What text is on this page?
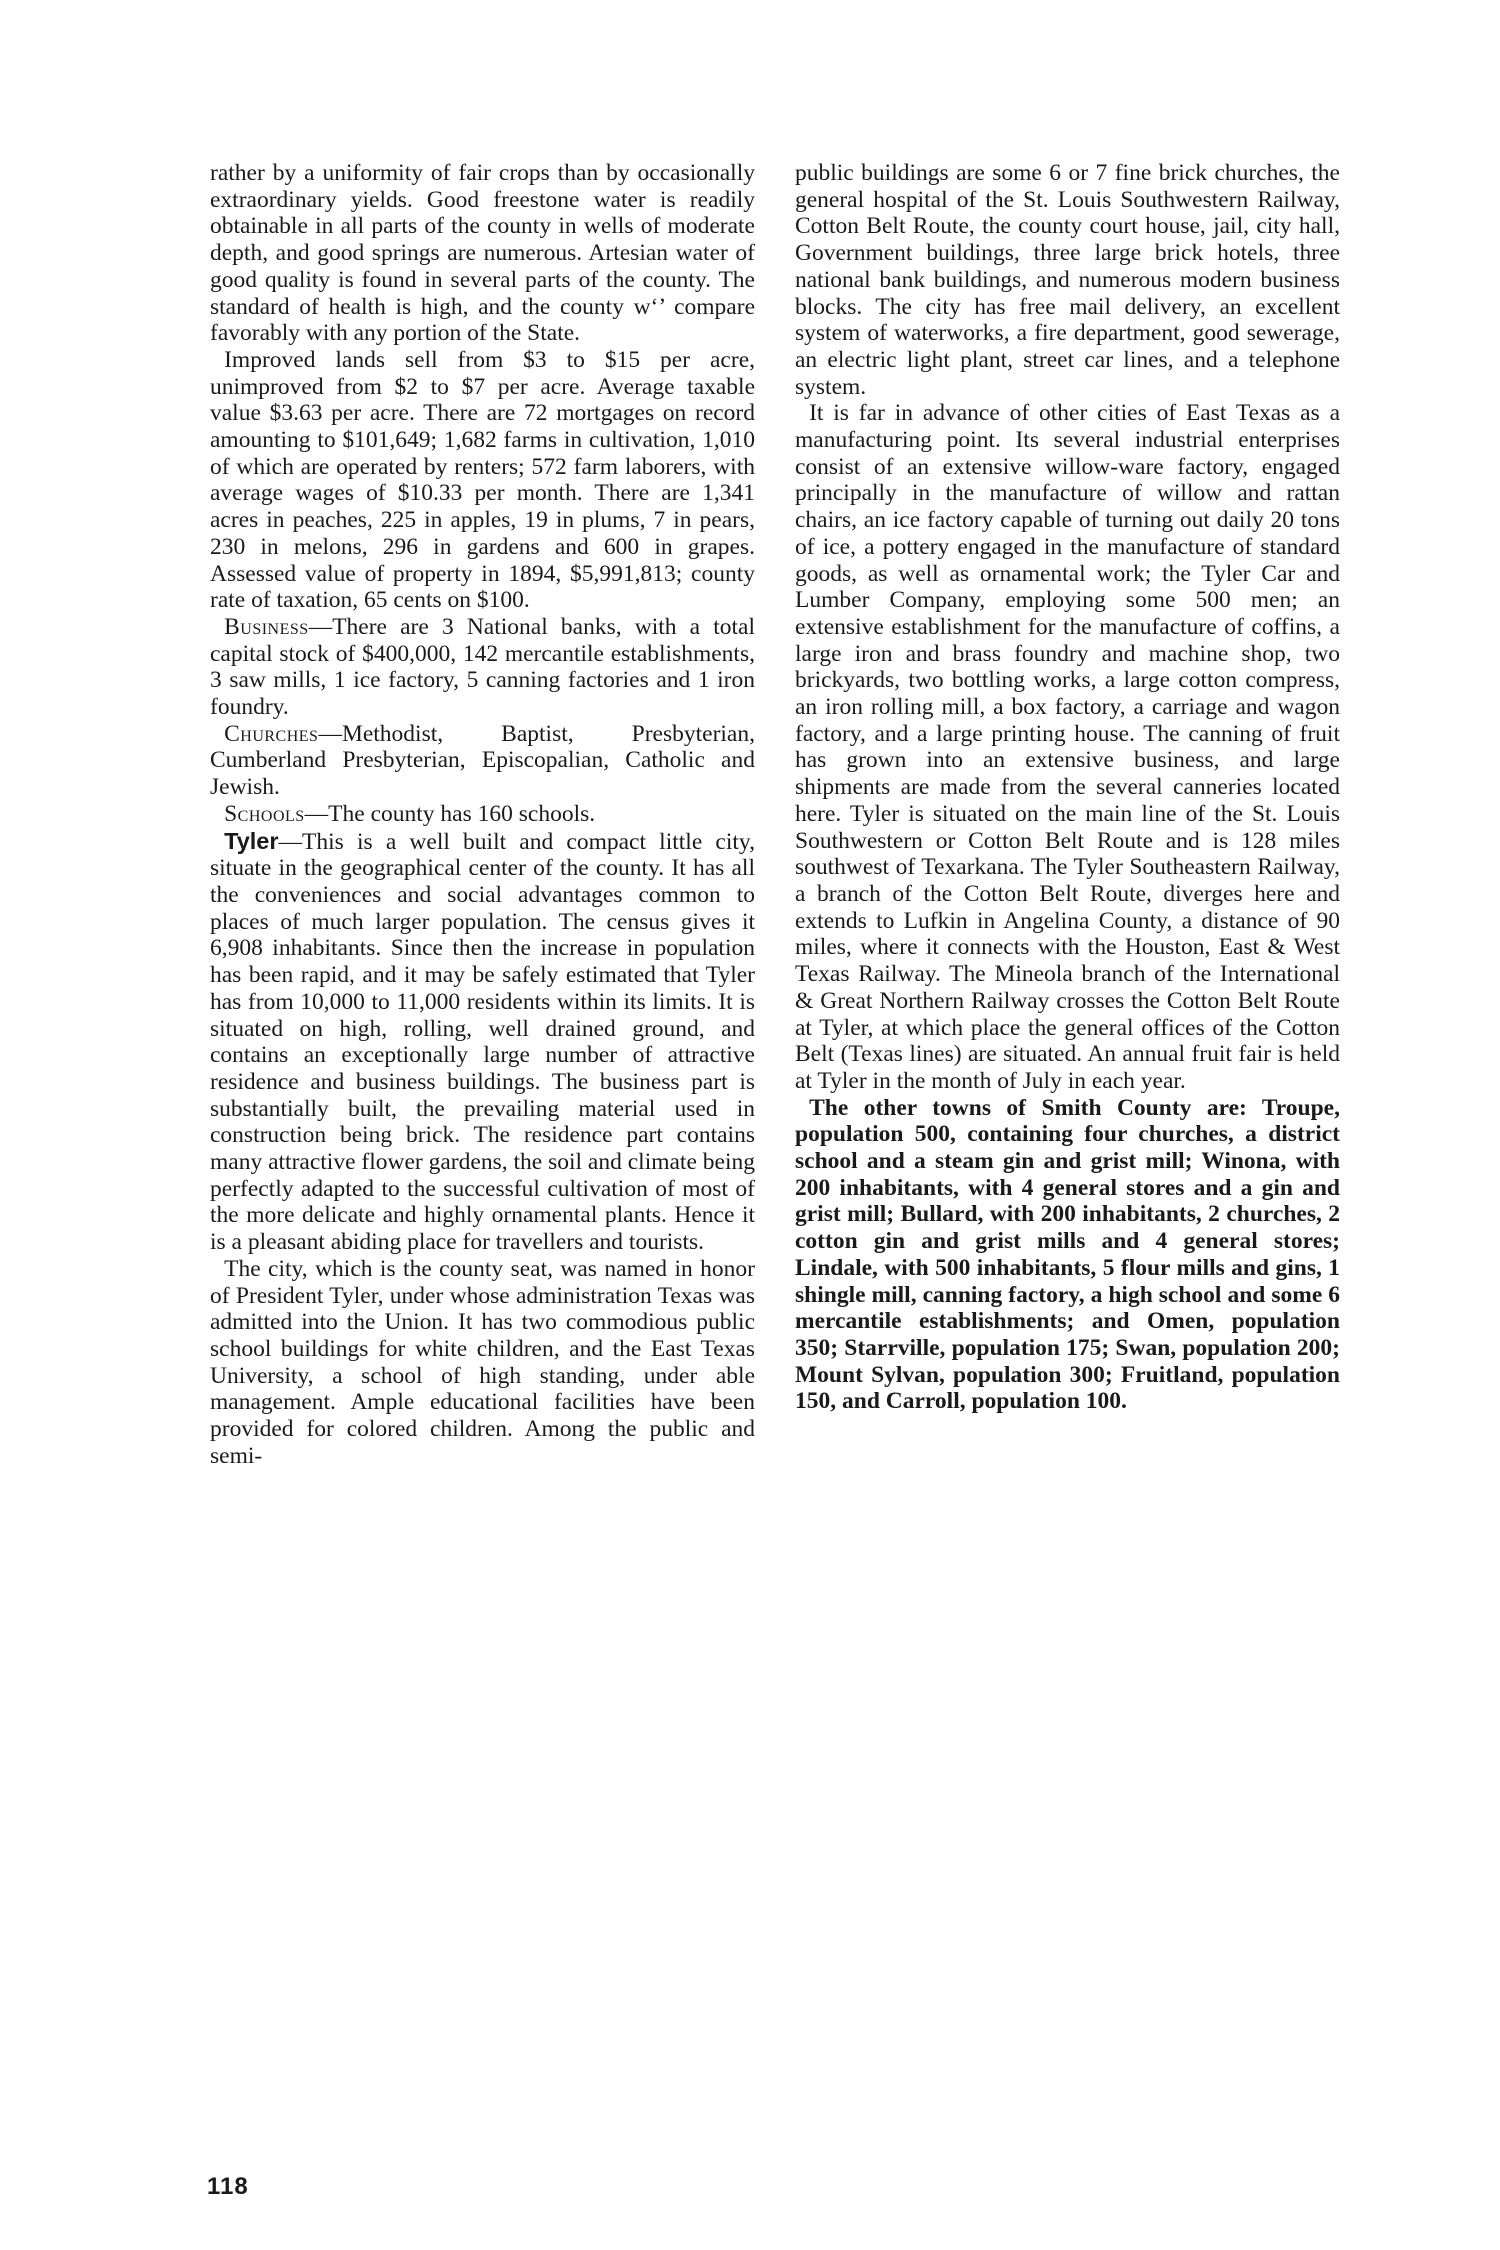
rather by a uniformity of fair crops than by occasionally extraordinary yields. Good freestone water is readily obtainable in all parts of the county in wells of moderate depth, and good springs are numerous. Artesian water of good quality is found in several parts of the county. The standard of health is high, and the county w‘’ compare favorably with any portion of the State.

Improved lands sell from $3 to $15 per acre, unimproved from $2 to $7 per acre. Average taxable value $3.63 per acre. There are 72 mortgages on record amounting to $101,649; 1,682 farms in cultivation, 1,010 of which are operated by renters; 572 farm laborers, with average wages of $10.33 per month. There are 1,341 acres in peaches, 225 in apples, 19 in plums, 7 in pears, 230 in melons, 296 in gardens and 600 in grapes. Assessed value of property in 1894, $5,991,813; county rate of taxation, 65 cents on $100.

Business—There are 3 National banks, with a total capital stock of $400,000, 142 mercantile establishments, 3 saw mills, 1 ice factory, 5 canning factories and 1 iron foundry.

Churches—Methodist, Baptist, Presbyterian, Cumberland Presbyterian, Episcopalian, Catholic and Jewish.

Schools—The county has 160 schools.

Tyler—This is a well built and compact little city, situate in the geographical center of the county. It has all the conveniences and social advantages common to places of much larger population. The census gives it 6,908 inhabitants. Since then the increase in population has been rapid, and it may be safely estimated that Tyler has from 10,000 to 11,000 residents within its limits. It is situated on high, rolling, well drained ground, and contains an exceptionally large number of attractive residence and business buildings. The business part is substantially built, the prevailing material used in construction being brick. The residence part contains many attractive flower gardens, the soil and climate being perfectly adapted to the successful cultivation of most of the more delicate and highly ornamental plants. Hence it is a pleasant abiding place for travellers and tourists.

The city, which is the county seat, was named in honor of President Tyler, under whose administration Texas was admitted into the Union. It has two commodious public school buildings for white children, and the East Texas University, a school of high standing, under able management. Ample educational facilities have been provided for colored children. Among the public and semi-

public buildings are some 6 or 7 fine brick churches, the general hospital of the St. Louis Southwestern Railway, Cotton Belt Route, the county court house, jail, city hall, Government buildings, three large brick hotels, three national bank buildings, and numerous modern business blocks. The city has free mail delivery, an excellent system of waterworks, a fire department, good sewerage, an electric light plant, street car lines, and a telephone system.

It is far in advance of other cities of East Texas as a manufacturing point. Its several industrial enterprises consist of an extensive willow-ware factory, engaged principally in the manufacture of willow and rattan chairs, an ice factory capable of turning out daily 20 tons of ice, a pottery engaged in the manufacture of standard goods, as well as ornamental work; the Tyler Car and Lumber Company, employing some 500 men; an extensive establishment for the manufacture of coffins, a large iron and brass foundry and machine shop, two brickyards, two bottling works, a large cotton compress, an iron rolling mill, a box factory, a carriage and wagon factory, and a large printing house. The canning of fruit has grown into an extensive business, and large shipments are made from the several canneries located here. Tyler is situated on the main line of the St. Louis Southwestern or Cotton Belt Route and is 128 miles southwest of Texarkana. The Tyler Southeastern Railway, a branch of the Cotton Belt Route, diverges here and extends to Lufkin in Angelina County, a distance of 90 miles, where it connects with the Houston, East & West Texas Railway. The Mineola branch of the International & Great Northern Railway crosses the Cotton Belt Route at Tyler, at which place the general offices of the Cotton Belt (Texas lines) are situated. An annual fruit fair is held at Tyler in the month of July in each year.

The other towns of Smith County are: Troupe, population 500, containing four churches, a district school and a steam gin and grist mill; Winona, with 200 inhabitants, with 4 general stores and a gin and grist mill; Bullard, with 200 inhabitants, 2 churches, 2 cotton gin and grist mills and 4 general stores; Lindale, with 500 inhabitants, 5 flour mills and gins, 1 shingle mill, canning factory, a high school and some 6 mercantile establishments; and Omen, population 350; Starrville, population 175; Swan, population 200; Mount Sylvan, population 300; Fruitland, population 150, and Carroll, population 100.

118
